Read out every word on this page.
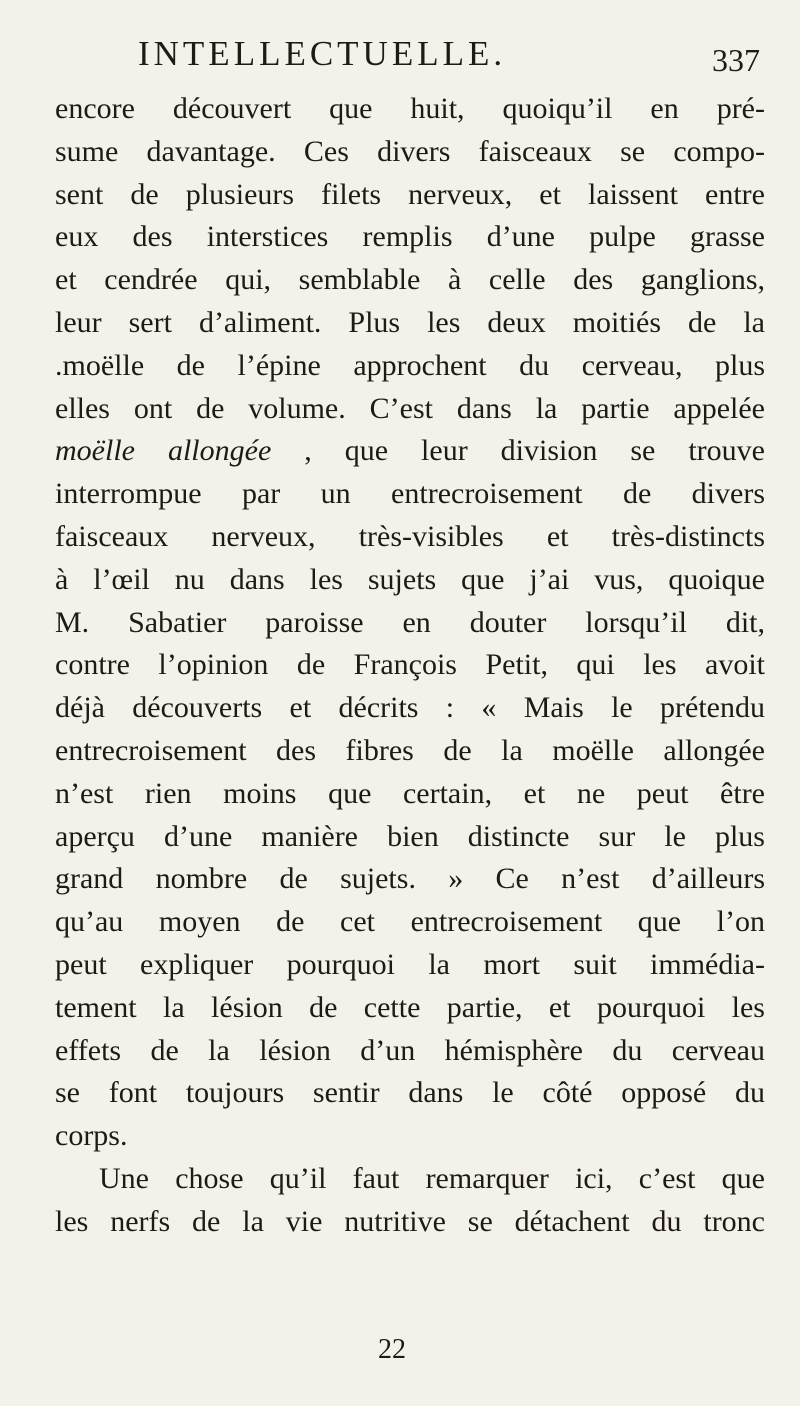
INTELLECTUELLE.	337
encore découvert que huit, quoiqu’il en pré-
sume davantage. Ces divers faisceaux se compo-
sent de plusieurs filets nerveux, et laissent entre
eux des interstices remplis d’une pulpe grasse
et cendrée qui, semblable à celle des ganglions,
leur sert d’aliment. Plus les deux moitiés de la
.moëlle de l’épine approchent du cerveau, plus
elles ont de volume. C’est dans la partie appelée
moëlle allongée , que leur division se trouve
interrompue par un entrecroisement de divers
faisceaux nerveux, très-visibles et très-distincts
à l’œil nu dans les sujets que j’ai vus, quoique
M. Sabatier paroisse en douter lorsqu’il dit,
contre l’opinion de François Petit, qui les avoit
déjà découverts et décrits : « Mais le prétendu
entrecroisement des fibres de la moëlle allongée
n’est rien moins que certain, et ne peut être
aperçu d’une manière bien distincte sur le plus
grand nombre de sujets. » Ce n’est d’ailleurs
qu’au moyen de cet entrecroisement que l’on
peut expliquer pourquoi la mort suit immédia-
tement la lésion de cette partie, et pourquoi les
effets de la lésion d’un hémisphère du cerveau
se font toujours sentir dans le côté opposé du
corps.
Une chose qu’il faut remarquer ici, c’est que
les nerfs de la vie nutritive se détachent du tronc
22
